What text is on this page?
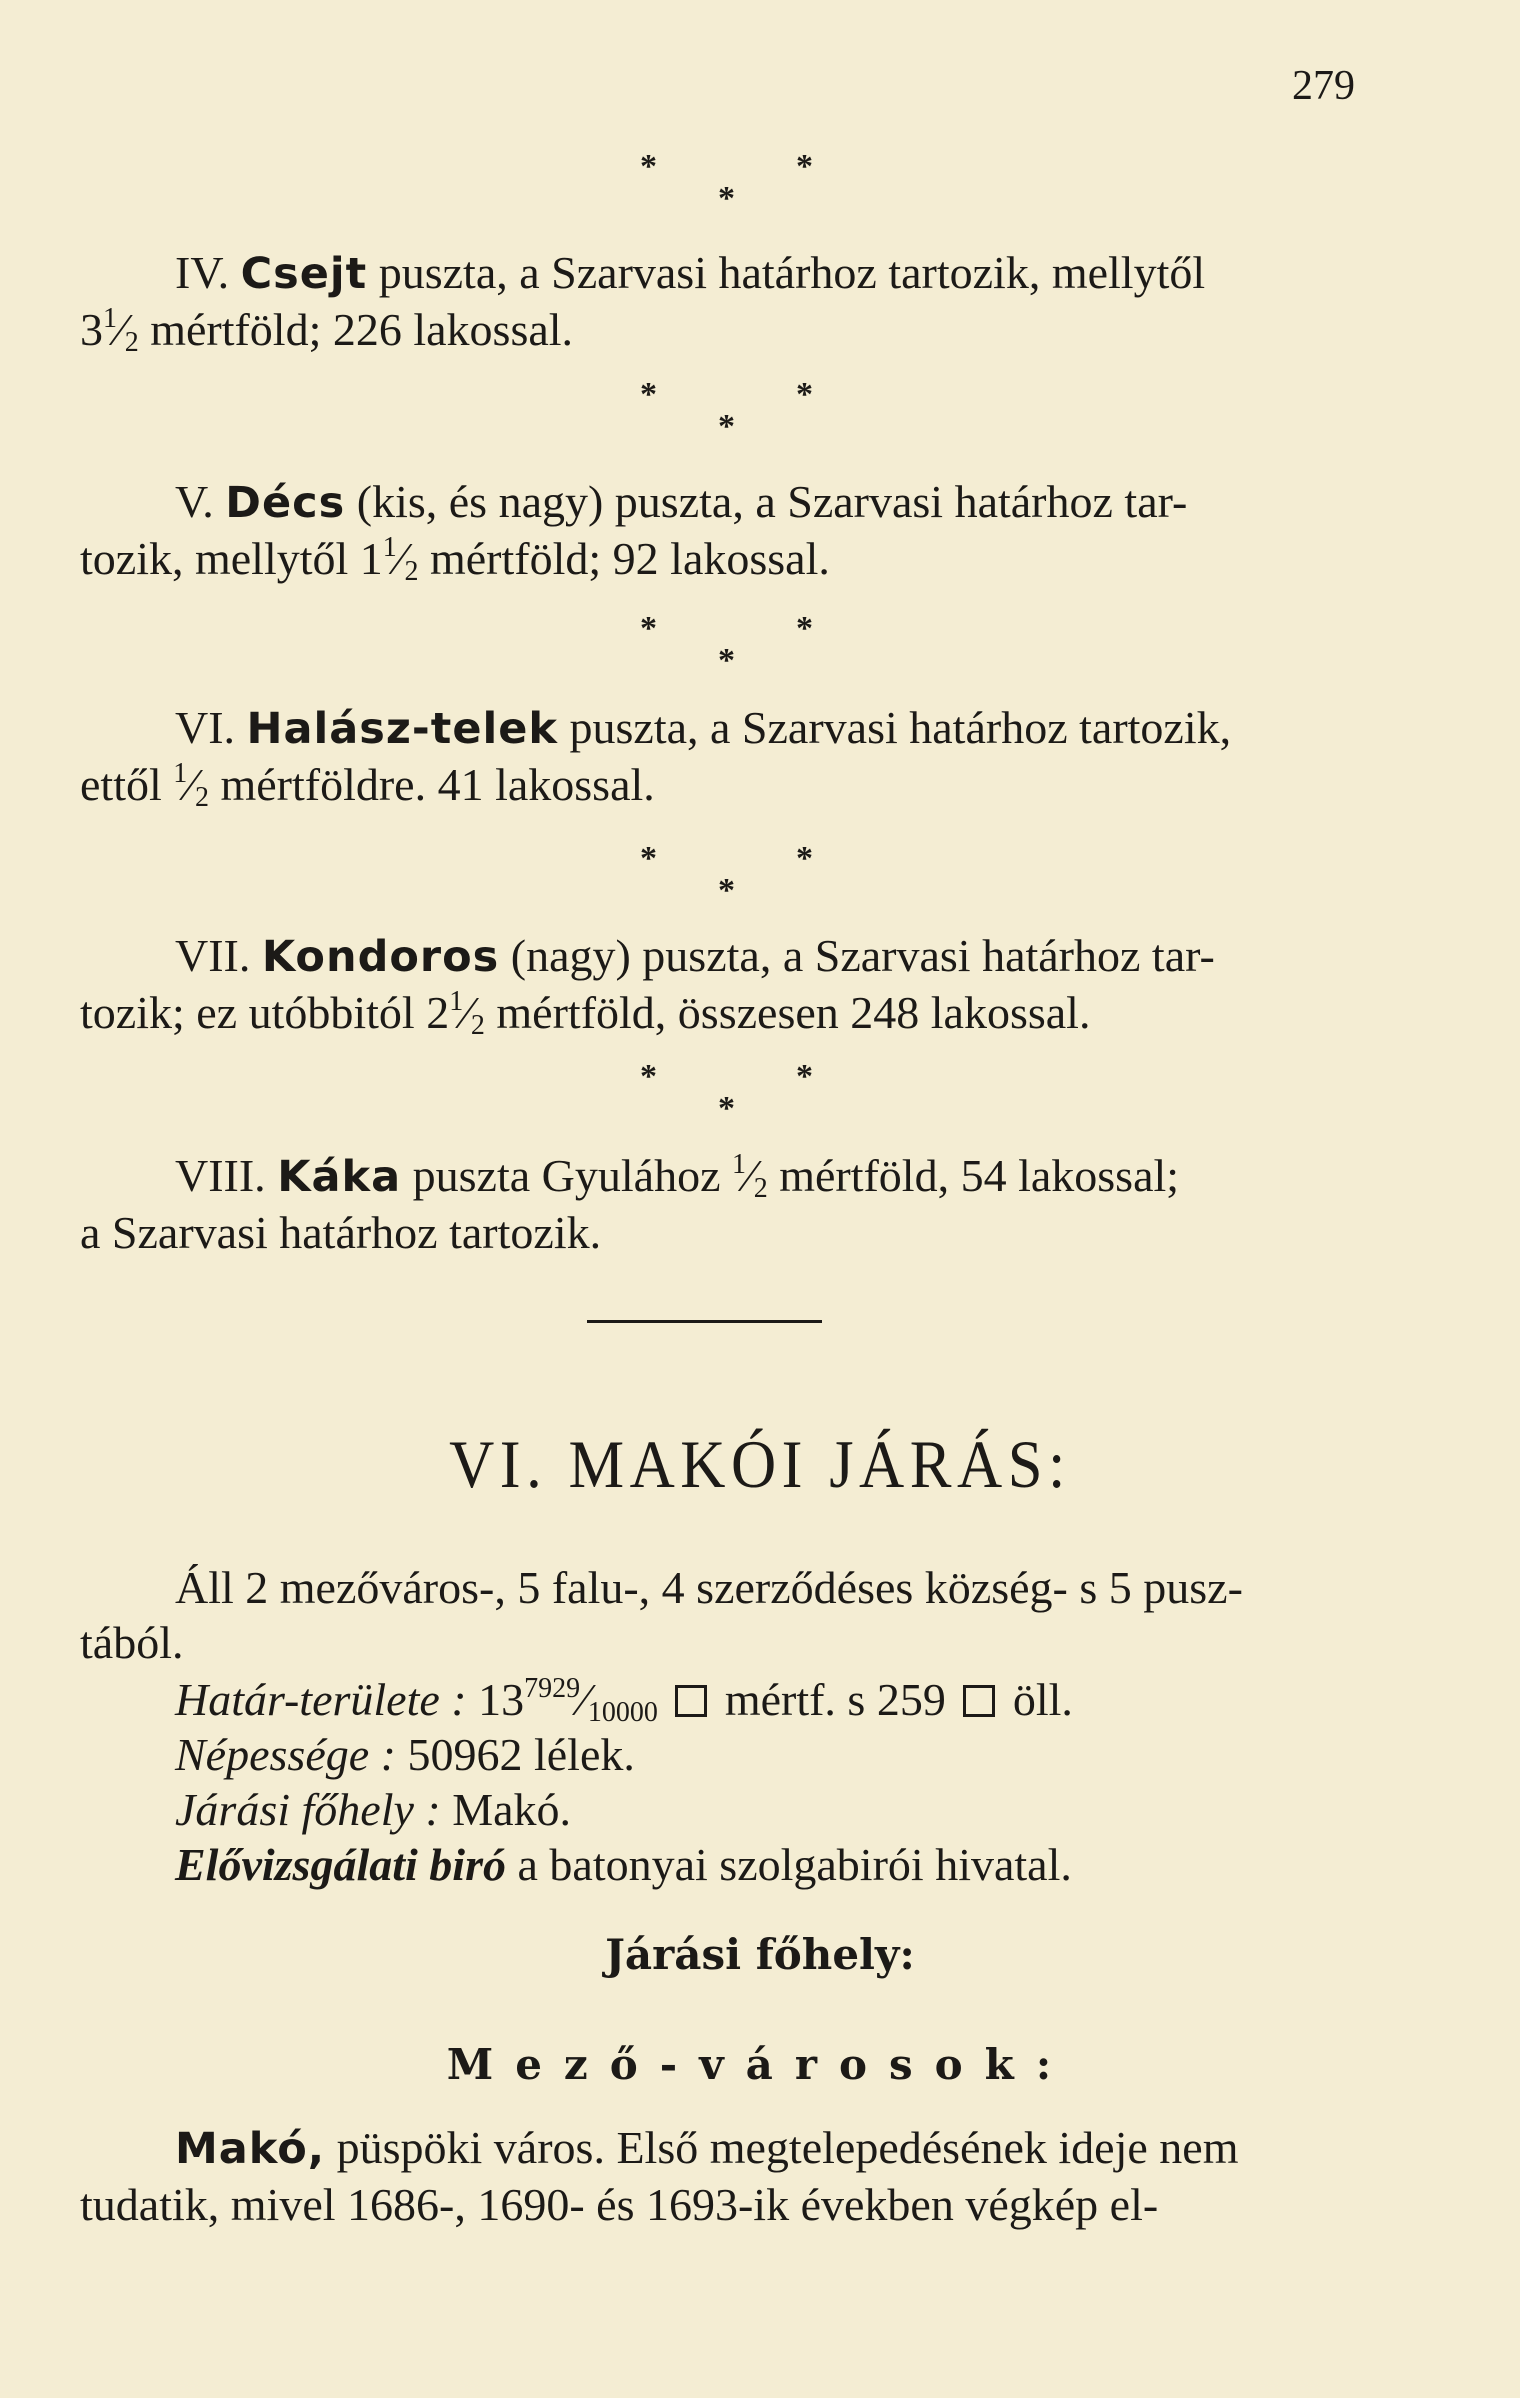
279
*	*
*
IV. Csejt puszta, a Szarvasi határhoz tartozik, mellytől
$3^1⁄_2$ mértföld; 226 lakossal.
*	*
*
V. Décs (kis, és nagy) puszta, a Szarvasi határhoz tar-
tozik, mellytől $1^1⁄_2$ mértföld; 92 lakossal.
*	*
*
VI. Halász-telek puszta, a Szarvasi határhoz tartozik,
ettől $^1⁄_2$ mértföldre. 41 lakossal.
*	*
*
VII. Kondoros (nagy) puszta, a Szarvasi határhoz tar-
tozik; ez utóbbitól $2^1⁄_2$ mértföld, összesen 248 lakossal.
*	*
*
VIII. Káka puszta Gyulához $^1⁄_2$ mértföld, 54 lakossal;
a Szarvasi határhoz tartozik.
VI. MAKÓI JÁRÁS:
Áll 2 mezőváros-, 5 falu-, 4 szerződéses község- s 5 pusz-
tából.
Határ-területe : $13^{7929}⁄_{10000}$ mértf. s 259 öll.
Népessége : 50962 lélek.
Járási főhely : Makó.
Elővizsgálati biró a batonyai szolgabirói hivatal.
Járási főhely:
Mező-városok:
Makó, püspöki város. Első megtelepedésének ideje nem
tudatik, mivel 1686-, 1690- és 1693-ik években végkép el-
